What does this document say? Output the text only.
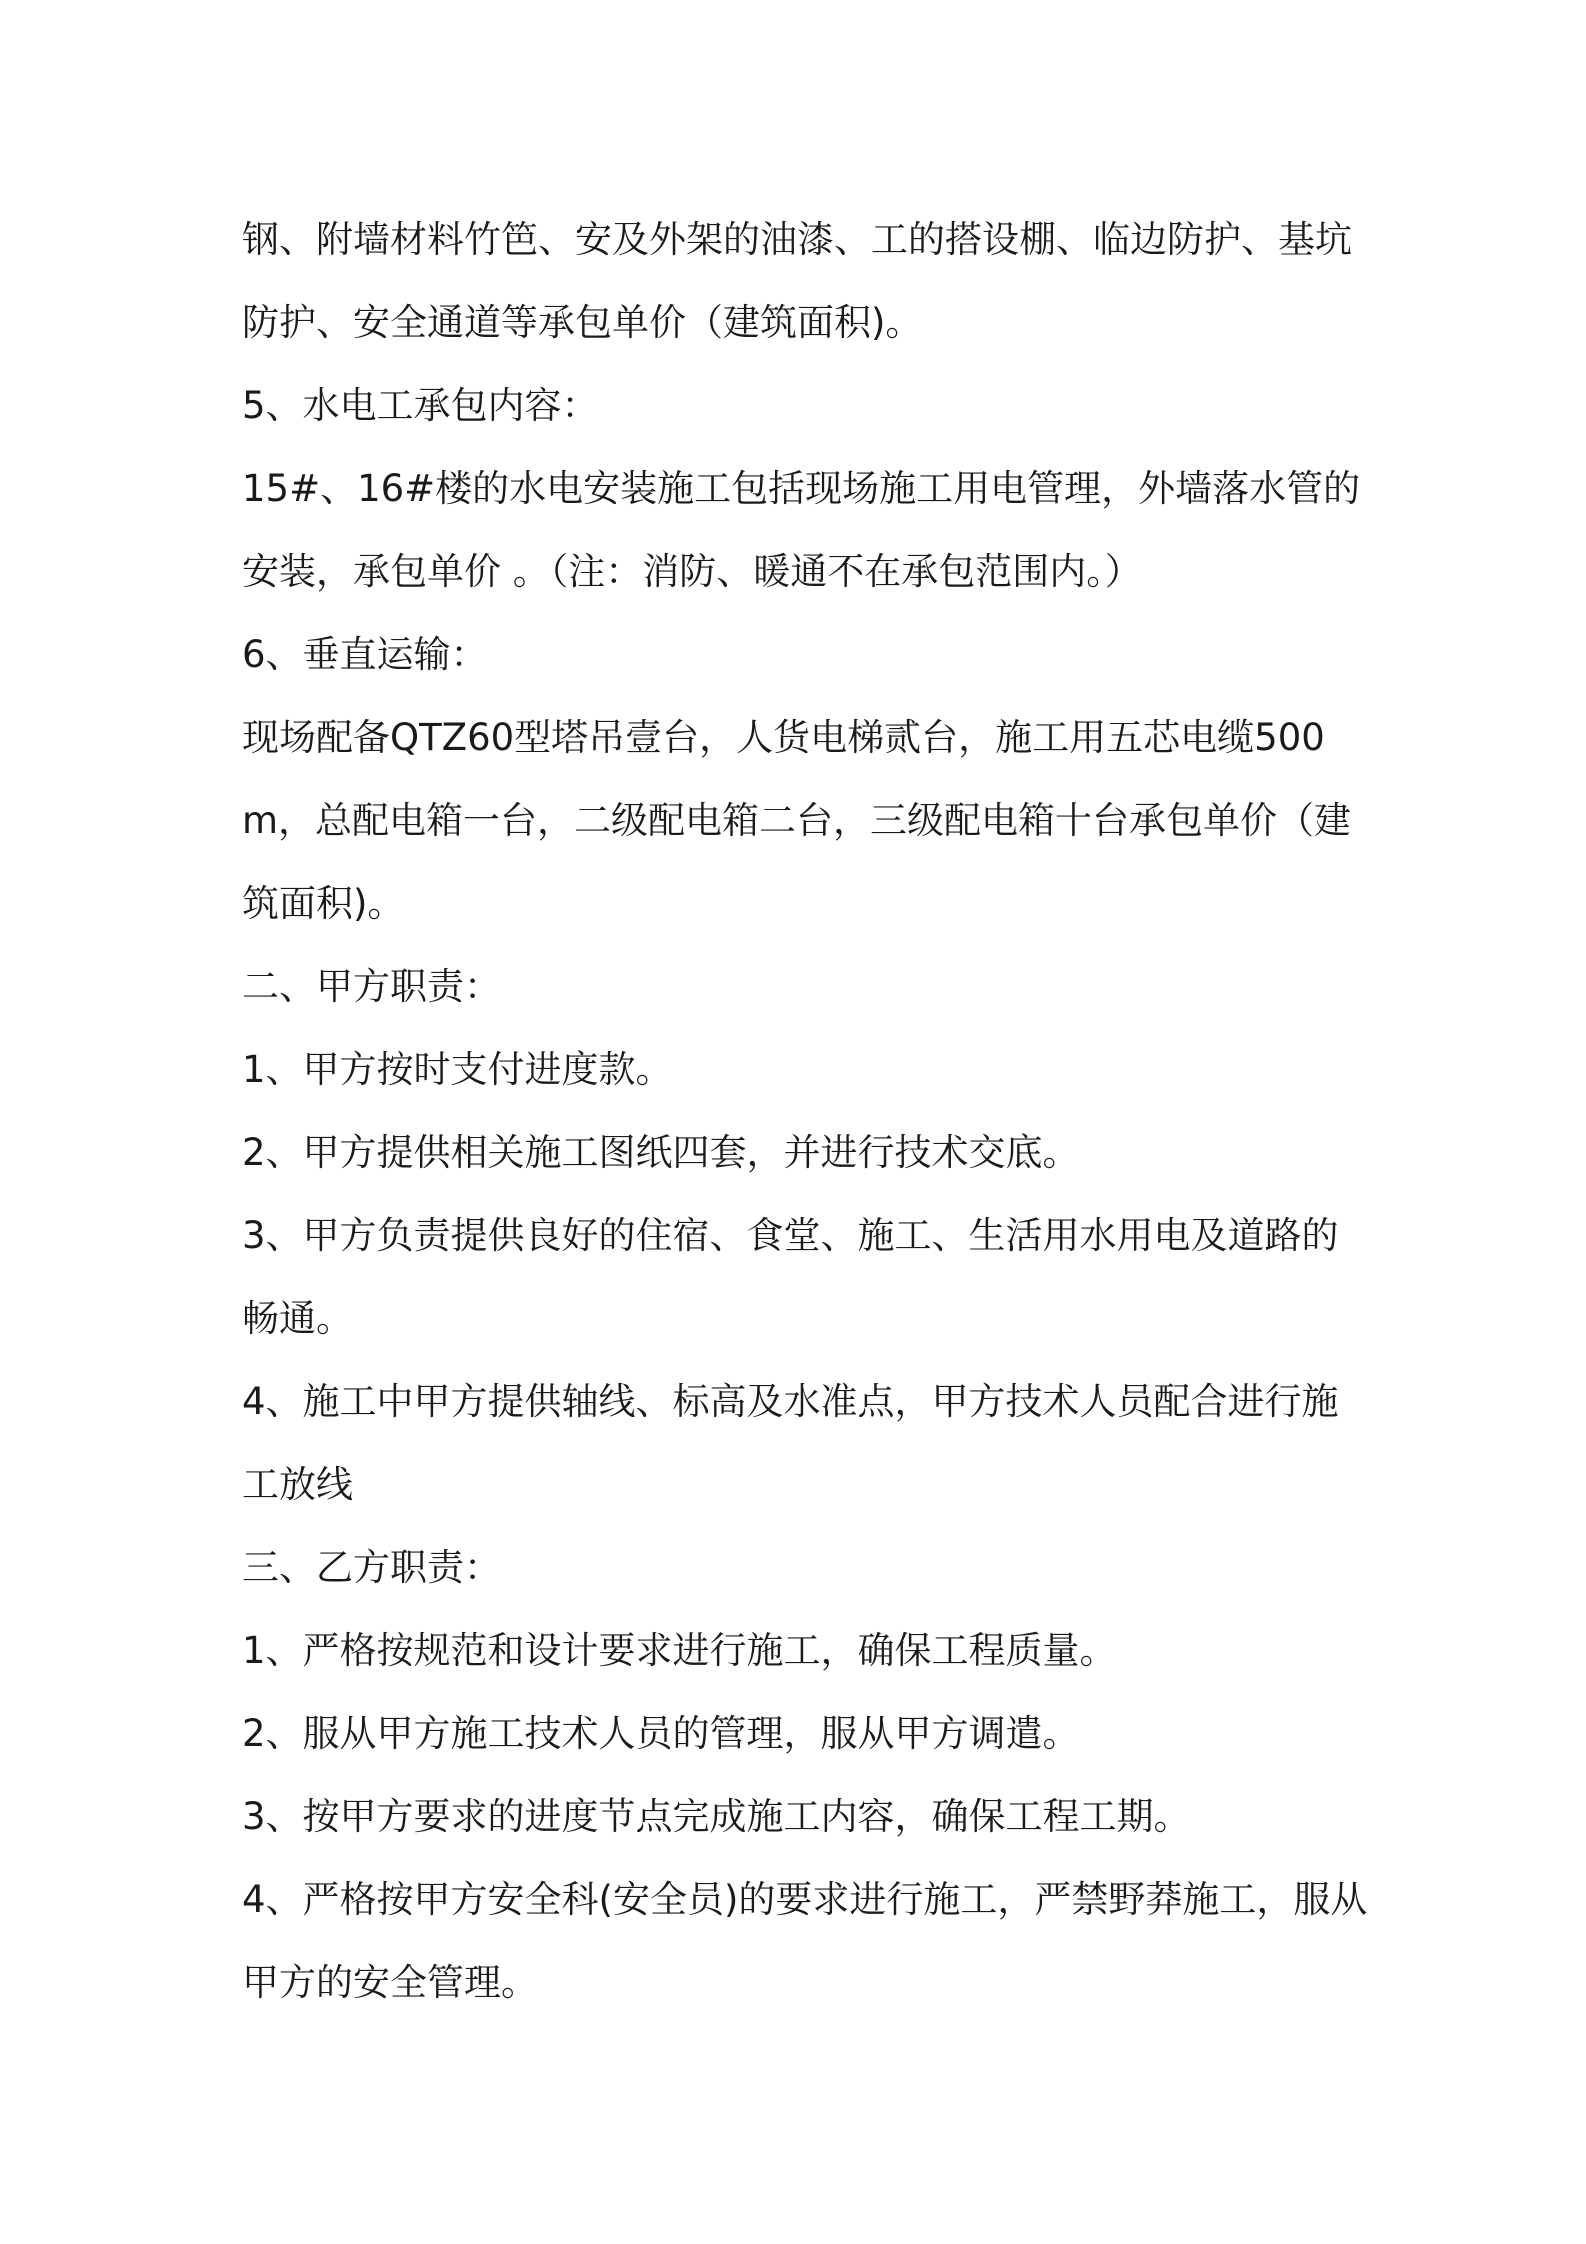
钢、附墙材料竹笆、安及外架的油漆、工的搭设棚、临边防护、基坑防护、安全通道等承包单价（建筑面积)。

5、水电工承包内容：

15#、16#楼的水电安装施工包括现场施工用电管理，外墙落水管的安装，承包单价 。（注：消防、暖通不在承包范围内。）

6、垂直运输：

现场配备QTZ60型塔吊壹台，人货电梯贰台，施工用五芯电缆500m，总配电箱一台，二级配电箱二台，三级配电箱十台承包单价（建筑面积)。

二、甲方职责：

1、甲方按时支付进度款。

2、甲方提供相关施工图纸四套，并进行技术交底。

3、甲方负责提供良好的住宿、食堂、施工、生活用水用电及道路的畅通。

4、施工中甲方提供轴线、标高及水准点，甲方技术人员配合进行施工放线

三、乙方职责：

1、严格按规范和设计要求进行施工，确保工程质量。

2、服从甲方施工技术人员的管理，服从甲方调遣。

3、按甲方要求的进度节点完成施工内容，确保工程工期。

4、严格按甲方安全科(安全员)的要求进行施工，严禁野莽施工，服从甲方的安全管理。
